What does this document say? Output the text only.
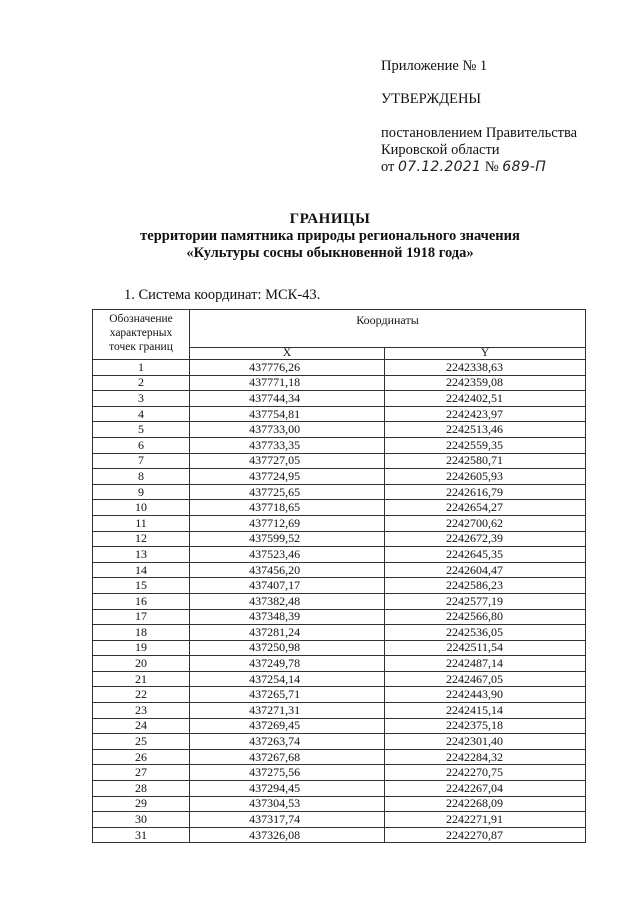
Приложение № 1
УТВЕРЖДЕНЫ
постановлением Правительства
Кировской области
от 07.12.2021 № 689-П
ГРАНИЦЫ
территории памятника природы регионального значения
«Культуры сосны обыкновенной 1918 года»
1. Система координат: МСК-43.
Обозначение
характерных
точек границ	Координаты	
	X	Y
1	437776,26	2242338,63
2	437771,18	2242359,08
3	437744,34	2242402,51
4	437754,81	2242423,97
5	437733,00	2242513,46
6	437733,35	2242559,35
7	437727,05	2242580,71
8	437724,95	2242605,93
9	437725,65	2242616,79
10	437718,65	2242654,27
11	437712,69	2242700,62
12	437599,52	2242672,39
13	437523,46	2242645,35
14	437456,20	2242604,47
15	437407,17	2242586,23
16	437382,48	2242577,19
17	437348,39	2242566,80
18	437281,24	2242536,05
19	437250,98	2242511,54
20	437249,78	2242487,14
21	437254,14	2242467,05
22	437265,71	2242443,90
23	437271,31	2242415,14
24	437269,45	2242375,18
25	437263,74	2242301,40
26	437267,68	2242284,32
27	437275,56	2242270,75
28	437294,45	2242267,04
29	437304,53	2242268,09
30	437317,74	2242271,91
31	437326,08	2242270,87
